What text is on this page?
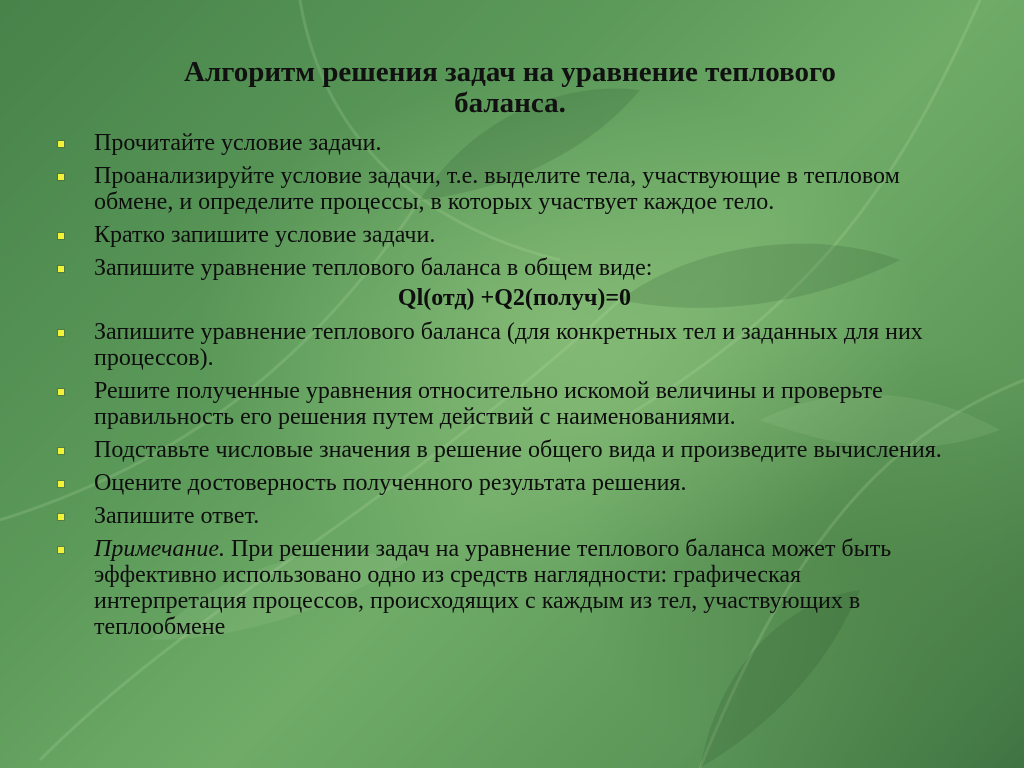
Алгоритм решения задач на уравнение теплового
баланса.
Прочитайте условие задачи.
Проанализируйте условие задачи, т.е. выделите тела, участвующие в тепловом
обмене, и определите процессы, в которых участвует каждое тело.
Кратко запишите условие задачи.
Запишите уравнение теплового баланса в общем виде:
Ql(отд) +Q2(получ)=0
Запишите уравнение теплового баланса (для конкретных тел и заданных для них процессов).
Решите полученные уравнения относительно искомой величины и проверьте правильность его решения путем действий с наименованиями.
Подставьте числовые значения в решение общего вида и произведите вычисления.
Оцените достоверность полученного результата решения.
Запишите ответ.
Примечание. При решении задач на уравнение теплового баланса может быть эффективно использовано одно из средств наглядности: графическая интерпретация процессов, происходящих с каждым из тел, участвующих в теплообмене
